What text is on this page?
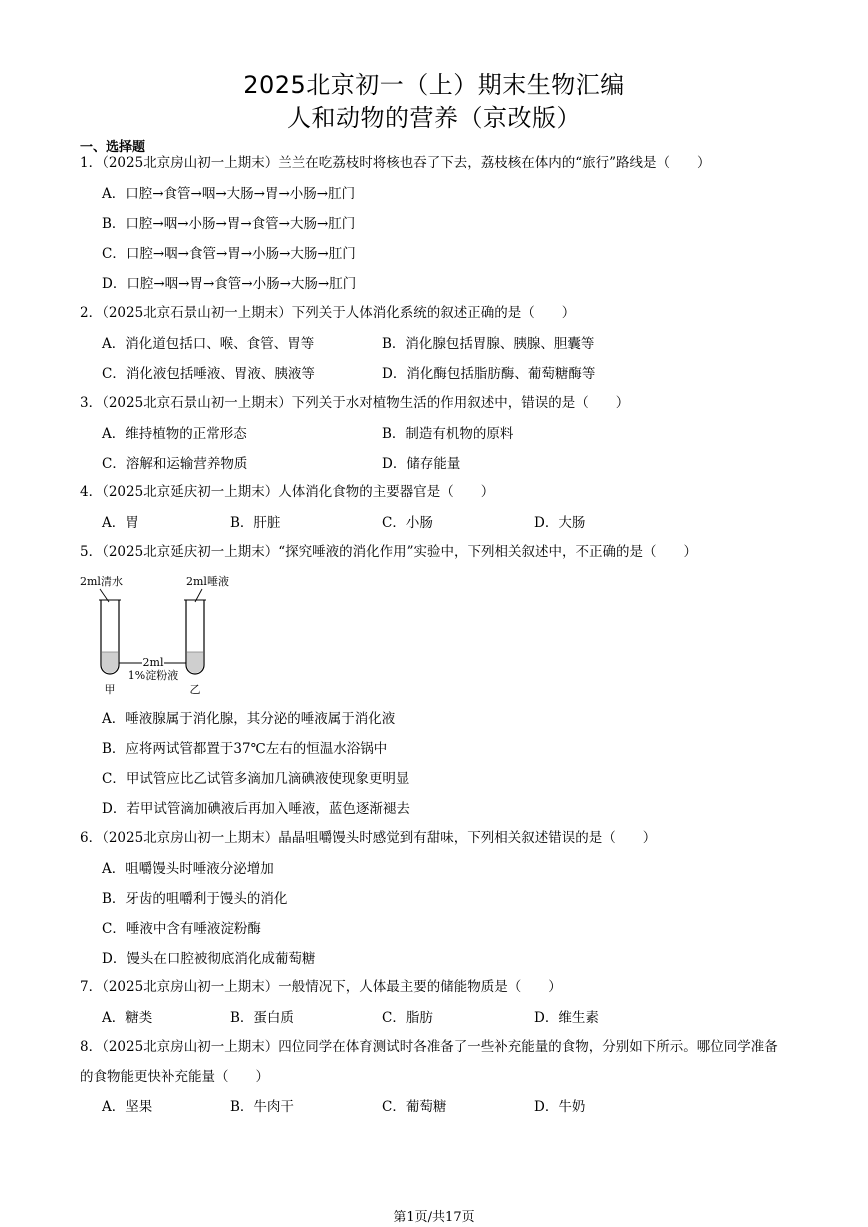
2025北京初一（上）期末生物汇编
人和动物的营养（京改版）
一、选择题
1．（2025北京房山初一上期末）兰兰在吃荔枝时将核也吞了下去，荔枝核在体内的“旅行”路线是（　　）
A．口腔→食管→咽→大肠→胃→小肠→肛门
B．口腔→咽→小肠→胃→食管→大肠→肛门
C．口腔→咽→食管→胃→小肠→大肠→肛门
D．口腔→咽→胃→食管→小肠→大肠→肛门
2．（2025北京石景山初一上期末）下列关于人体消化系统的叙述正确的是（　　）
A．消化道包括口、喉、食管、胃等	B．消化腺包括胃腺、胰腺、胆囊等
C．消化液包括唾液、胃液、胰液等	D．消化酶包括脂肪酶、葡萄糖酶等
3．（2025北京石景山初一上期末）下列关于水对植物生活的作用叙述中，错误的是（　　）
A．维持植物的正常形态	B．制造有机物的原料
C．溶解和运输营养物质	D．储存能量
4．（2025北京延庆初一上期末）人体消化食物的主要器官是（　　）
A．胃	B．肝脏	C．小肠	D．大肠
5．（2025北京延庆初一上期末）“探究唾液的消化作用”实验中，下列相关叙述中，不正确的是（　　）
2ml清水	2ml唾液
2ml
1%淀粉液
甲	乙
A．唾液腺属于消化腺，其分泌的唾液属于消化液
B．应将两试管都置于37℃左右的恒温水浴锅中
C．甲试管应比乙试管多滴加几滴碘液使现象更明显
D．若甲试管滴加碘液后再加入唾液，蓝色逐渐褪去
6．（2025北京房山初一上期末）晶晶咀嚼馒头时感觉到有甜味，下列相关叙述错误的是（　　）
A．咀嚼馒头时唾液分泌增加
B．牙齿的咀嚼利于馒头的消化
C．唾液中含有唾液淀粉酶
D．馒头在口腔被彻底消化成葡萄糖
7．（2025北京房山初一上期末）一般情况下，人体最主要的储能物质是（　　）
A．糖类	B．蛋白质	C．脂肪	D．维生素
8．（2025北京房山初一上期末）四位同学在体育测试时各准备了一些补充能量的食物，分别如下所示。哪位同学准备的食物能更快补充能量（　　）
A．坚果	B．牛肉干	C．葡萄糖	D．牛奶
第1页/共17页
